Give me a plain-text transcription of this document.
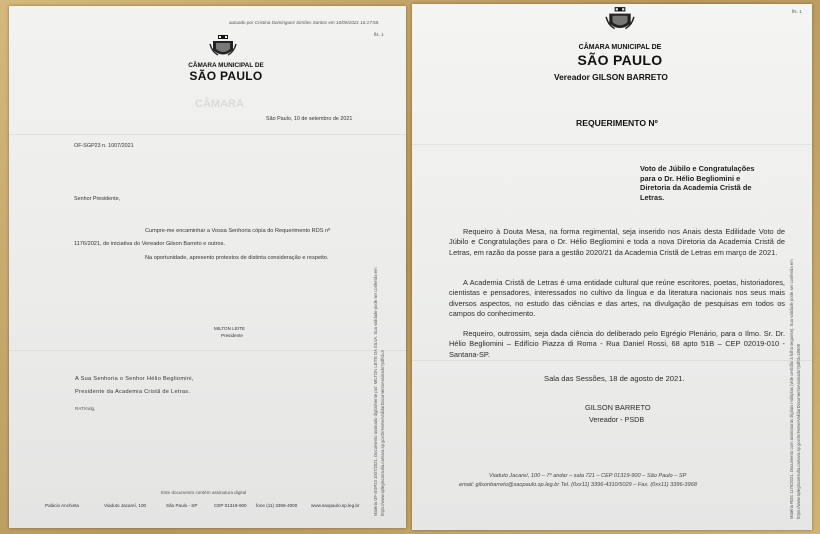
autuado por Cristina Dominguez Simões Santos em 10/09/2021 16:17:58.
fls. 1
CÂMARA MUNICIPAL DE
SÃO PAULO
CÂMARA
São Paulo, 10 de setembro de 2021
OF-SGP23 n. 1007/2021
Senhor Presidente,
Cumpre-me encaminhar a Vossa Senhoria cópia do Requerimento RDS nº
1176/2021, de iniciativa do Vereador Gilson Barreto e outros.
Na oportunidade, apresento protestos de distinta consideração e respeito.
MILTON LEITE
Presidente
A Sua Senhoria o Senhor Hélio Begliomini,
Presidente da Academia Cristã de Letras.
RAT/mdg.
Este documento contém assinatura digital
Palácio Anchieta	Viaduto Jacareí, 100	São Paulo - SP	CEP 01319-900 fone (11) 3396-4000	www.saopaulo.sp.leg.br	Materia OF-SGP23 1007/2021. Documento assinado digitalmente por: MILTON LEITE DA SILVA. Sua validade pode ser conferida em https://www.splegisconsulta.camara.sp.gov.br/Home/ValidarDocumentoAssinado?pdfId=3
fls. 1
CÂMARA MUNICIPAL DE
SÃO PAULO
Vereador GILSON BARRETO
REQUERIMENTO Nº
Voto de Júbilo e Congratulações
para o Dr. Hélio Begliomini e
Diretoria da Academia Cristã de
Letras.
Requeiro à Douta Mesa, na forma regimental, seja inserido nos Anais desta Edilidade Voto de Júbilo e Congratulações para o Dr. Hélio Begliomini e toda a nova Diretoria da Academia Cristã de Letras, em razão da posse para a gestão 2020/21 da Academia Cristã de Letras em março de 2021.
A Academia Cristã de Letras é uma entidade cultural que reúne escritores, poetas, historiadores, cientistas e pensadores, interessados no cultivo da língua e da literatura nacionais nos seus mais diversos aspectos, no estudo das ciências e das artes, na divulgação de pesquisas em todos os campos do conhecimento.
Requeiro, outrossim, seja dada ciência do deliberado pelo Egrégio Plenário, para o Ilmo. Sr. Dr. Hélio Begliomini – Edifício Piazza di Roma - Rua Daniel Rossi, 68 apto 51B – CEP 02019-010 - Santana-SP.
Sala das Sessões, 18 de agosto de 2021.
GILSON BARRETO
Vereador - PSDB
Viaduto Jacareí, 100 – 7º andar – sala 721 – CEP 01319-900 – São Paulo – SP
email: gilsonbarreto@saopaulo.sp.leg.br Tel. (0xx11) 3396-4310/5029 – Fax. (0xx11) 3396-3968	Matéria RDS 1176/2021. Documento com assinaturas digitais múltiplas (vide certidão à folha seguinte). Sua validade pode ser conferida em https://www.splegisconsulta.camara.sp.gov.br/Home/ValidarDocumentoAssinado?pdfId=18609
